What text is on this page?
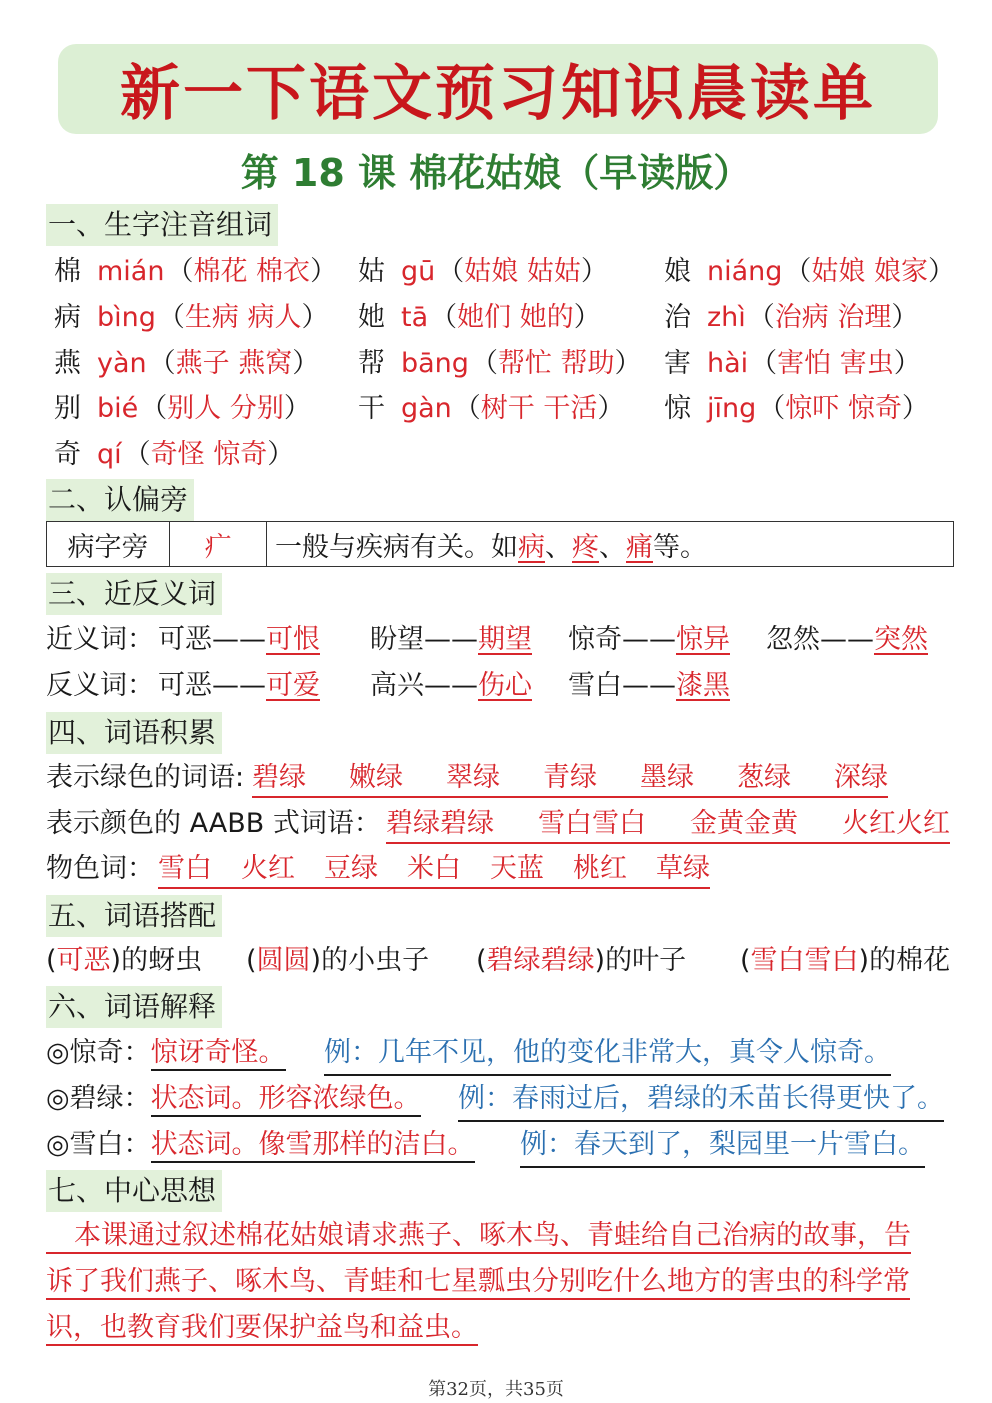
新一下语文预习知识晨读单
第 18 课 棉花姑娘（早读版）
一、生字注音组词
棉 mián（棉花 棉衣） 姑 gū（姑娘 姑姑） 娘 niáng（姑娘 娘家）
病 bìng（生病 病人） 她 tā（她们 她的） 治 zhì（治病 治理）
燕 yàn（燕子 燕窝） 帮 bāng（帮忙 帮助） 害 hài（害怕 害虫）
别 bié（别人 分别） 干 gàn（树干 干活） 惊 jīng（惊吓 惊奇）
奇 qí（奇怪 惊奇）
二、认偏旁
病字旁	疒	一般与疾病有关。如病、疼、痛等。
三、近反义词
近义词： 可恶——可恨 盼望——期望 惊奇——惊异 忽然——突然
反义词： 可恶——可爱 高兴——伤心 雪白——漆黑
四、词语积累
表示绿色的词语: 碧绿 嫩绿 翠绿 青绿 墨绿 葱绿 深绿
表示颜色的 AABB 式词语： 碧绿碧绿 雪白雪白 金黄金黄 火红火红
物色词： 雪白 火红 豆绿 米白 天蓝 桃红 草绿
五、词语搭配
(可恶)的蚜虫 (圆圆)的小虫子 (碧绿碧绿)的叶子 (雪白雪白)的棉花
六、词语解释
◎惊奇：惊讶奇怪。 例：几年不见，他的变化非常大，真令人惊奇。
◎碧绿：状态词。形容浓绿色。 例：春雨过后，碧绿的禾苗长得更快了。
◎雪白：状态词。像雪那样的洁白。 例：春天到了，梨园里一片雪白。
七、中心思想
本课通过叙述棉花姑娘请求燕子、啄木鸟、青蛙给自己治病的故事，告
诉了我们燕子、啄木鸟、青蛙和七星瓢虫分别吃什么地方的害虫的科学常
识，也教育我们要保护益鸟和益虫。
第32页，共35页
